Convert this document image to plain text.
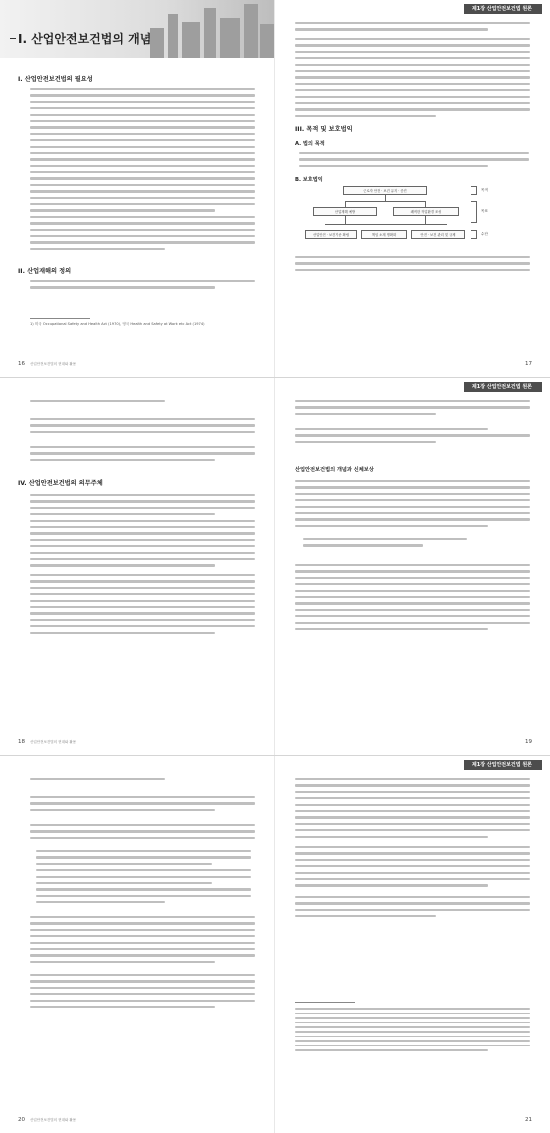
I. 산업안전보건법의 개념
I. 산업안전보건법의 필요성
II. 산업재해의 정의
1) 미국 Occupational Safety and Health Act (1970), 영국 Health and Safety at Work etc Act (1974)
16 산업안전보건법의 현대와 활용
제1장 산업안전보건법 원론
III. 목적 및 보호법익
A. 법의 목적
B. 보호법익
근로자 안전 · 보건 유지 · 증진
산업재해 예방	쾌적한 작업환경 조성
산업안전 · 보건기준 확립	책임 소재 명확화	안전 · 보건 관리 및 규제
목적
목표
수단
17
IV. 산업안전보건법의 의무주체
18 산업안전보건법의 현대와 활용
제1장 산업안전보건법 원론
산업안전보건법의 개념과 신체보상
19
20 산업안전보건법의 현대와 활용
제1장 산업안전보건법 원론
21
